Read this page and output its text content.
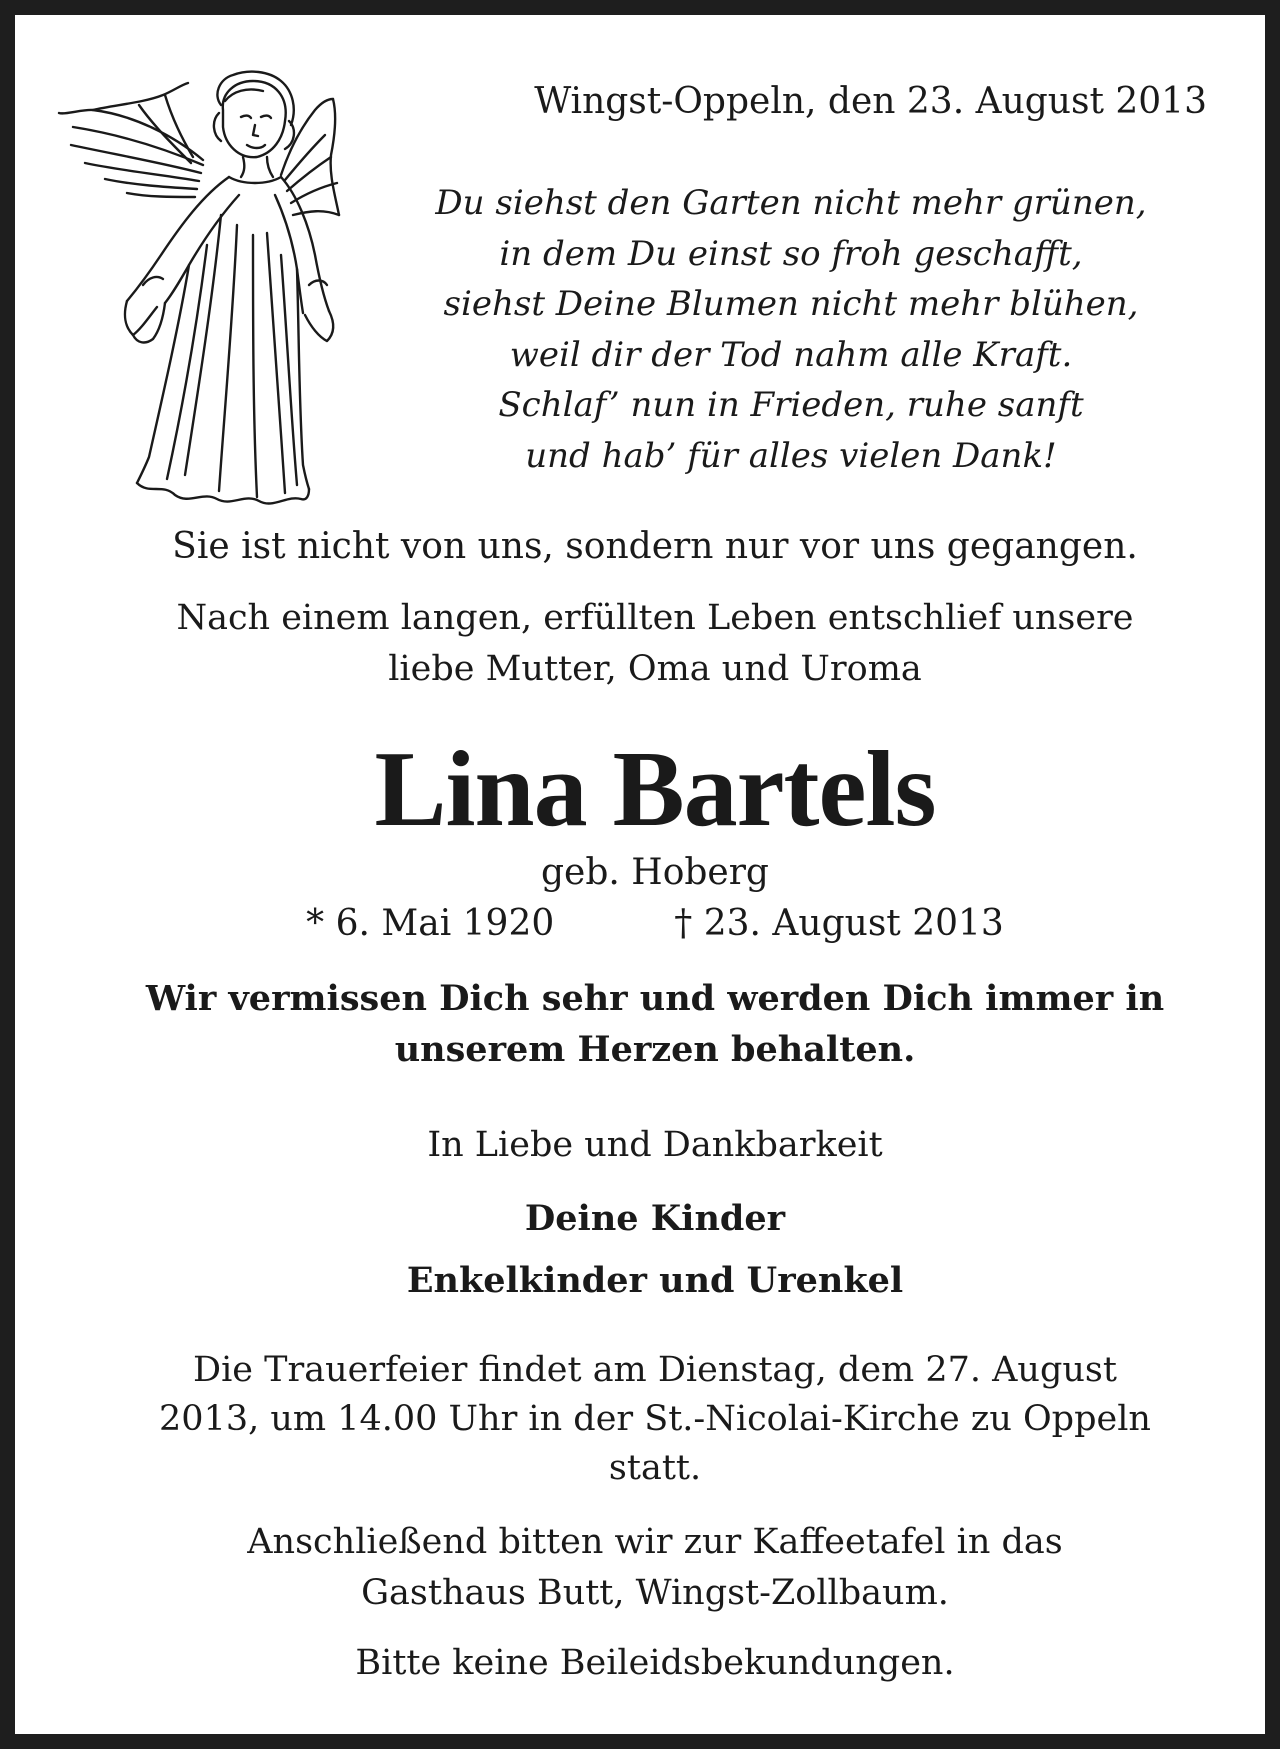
Wingst-Oppeln, den 23. August 2013
Du siehst den Garten nicht mehr grünen,
in dem Du einst so froh geschafft,
siehst Deine Blumen nicht mehr blühen,
weil dir der Tod nahm alle Kraft.
Schlaf’ nun in Frieden, ruhe sanft
und hab’ für alles vielen Dank!
Sie ist nicht von uns, sondern nur vor uns gegangen.
Nach einem langen, erfüllten Leben entschlief unsere
liebe Mutter, Oma und Uroma
Lina Bartels
geb. Hoberg
* 6. Mai 1920	† 23. August 2013
Wir vermissen Dich sehr und werden Dich immer in
unserem Herzen behalten.
In Liebe und Dankbarkeit
Deine Kinder
Enkelkinder und Urenkel
Die Trauerfeier findet am Dienstag, dem 27. August
2013, um 14.00 Uhr in der St.-Nicolai-Kirche zu Oppeln
statt.
Anschließend bitten wir zur Kaffeetafel in das
Gasthaus Butt, Wingst-Zollbaum.
Bitte keine Beileidsbekundungen.
